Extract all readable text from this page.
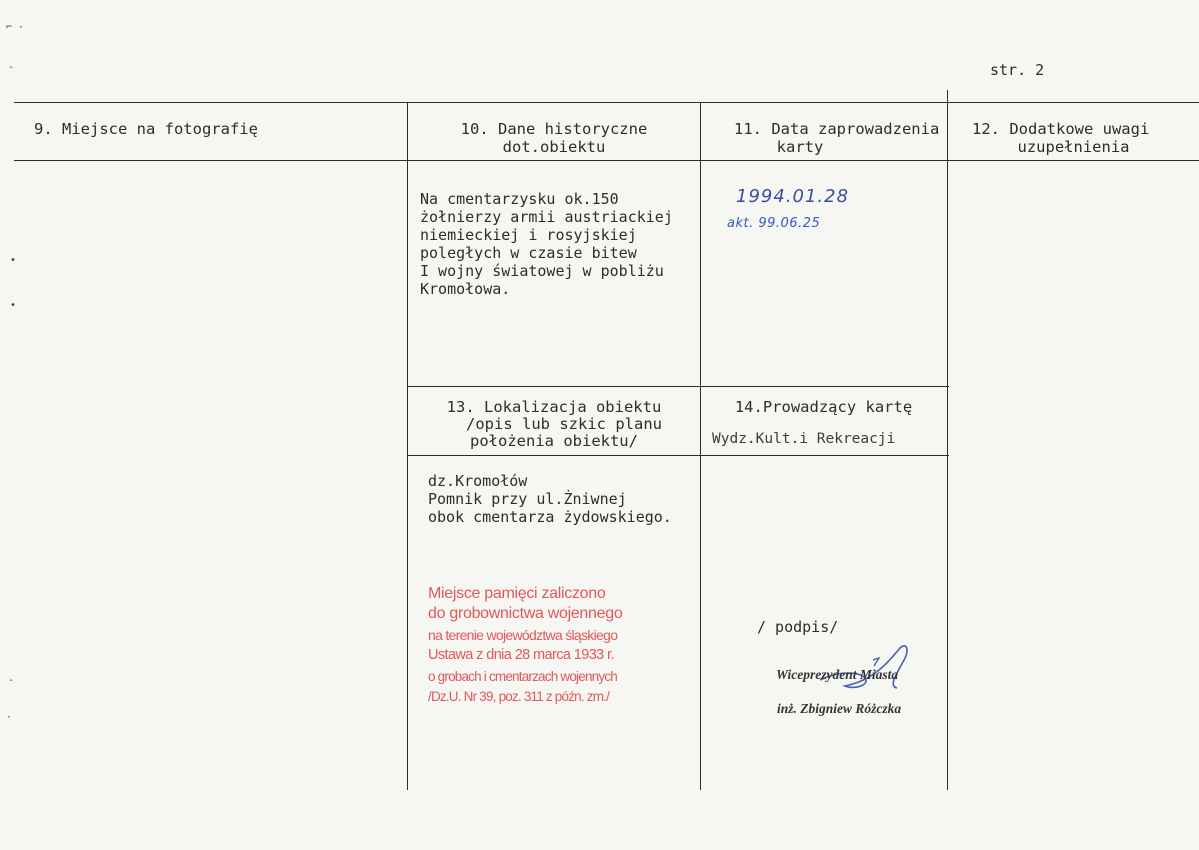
⌐ ·
-
•
•
-
·
str. 2
9. Miejsce na fotografię	10. Dane historyczne
dot.obiektu
11. Data zaprowadzenia
karty
12. Dodatkowe uwagi
uzupełnienia
Na cmentarzysku ok.150
żołnierzy armii austriackiej
niemieckiej i rosyjskiej
poległych w czasie bitew
I wojny światowej w pobliżu
Kromołowa.
1994.01.28
akt. 99.06.25
13. Lokalizacja obiektu
/opis lub szkic planu
położenia obiektu/
14.Prowadzący kartę
Wydz.Kult.i Rekreacji
dz.Kromołów
Pomnik przy ul.Żniwnej
obok cmentarza żydowskiego.
Miejsce pamięci zaliczono
do grobownictwa wojennego
na terenie województwa śląskiego
Ustawa z dnia 28 marca 1933 r.
o grobach i cmentarzach wojennych
/Dz.U. Nr 39, poz. 311 z późn. zm./
/ podpis/
Wiceprezydent Miasta
inż. Zbigniew Różczka
